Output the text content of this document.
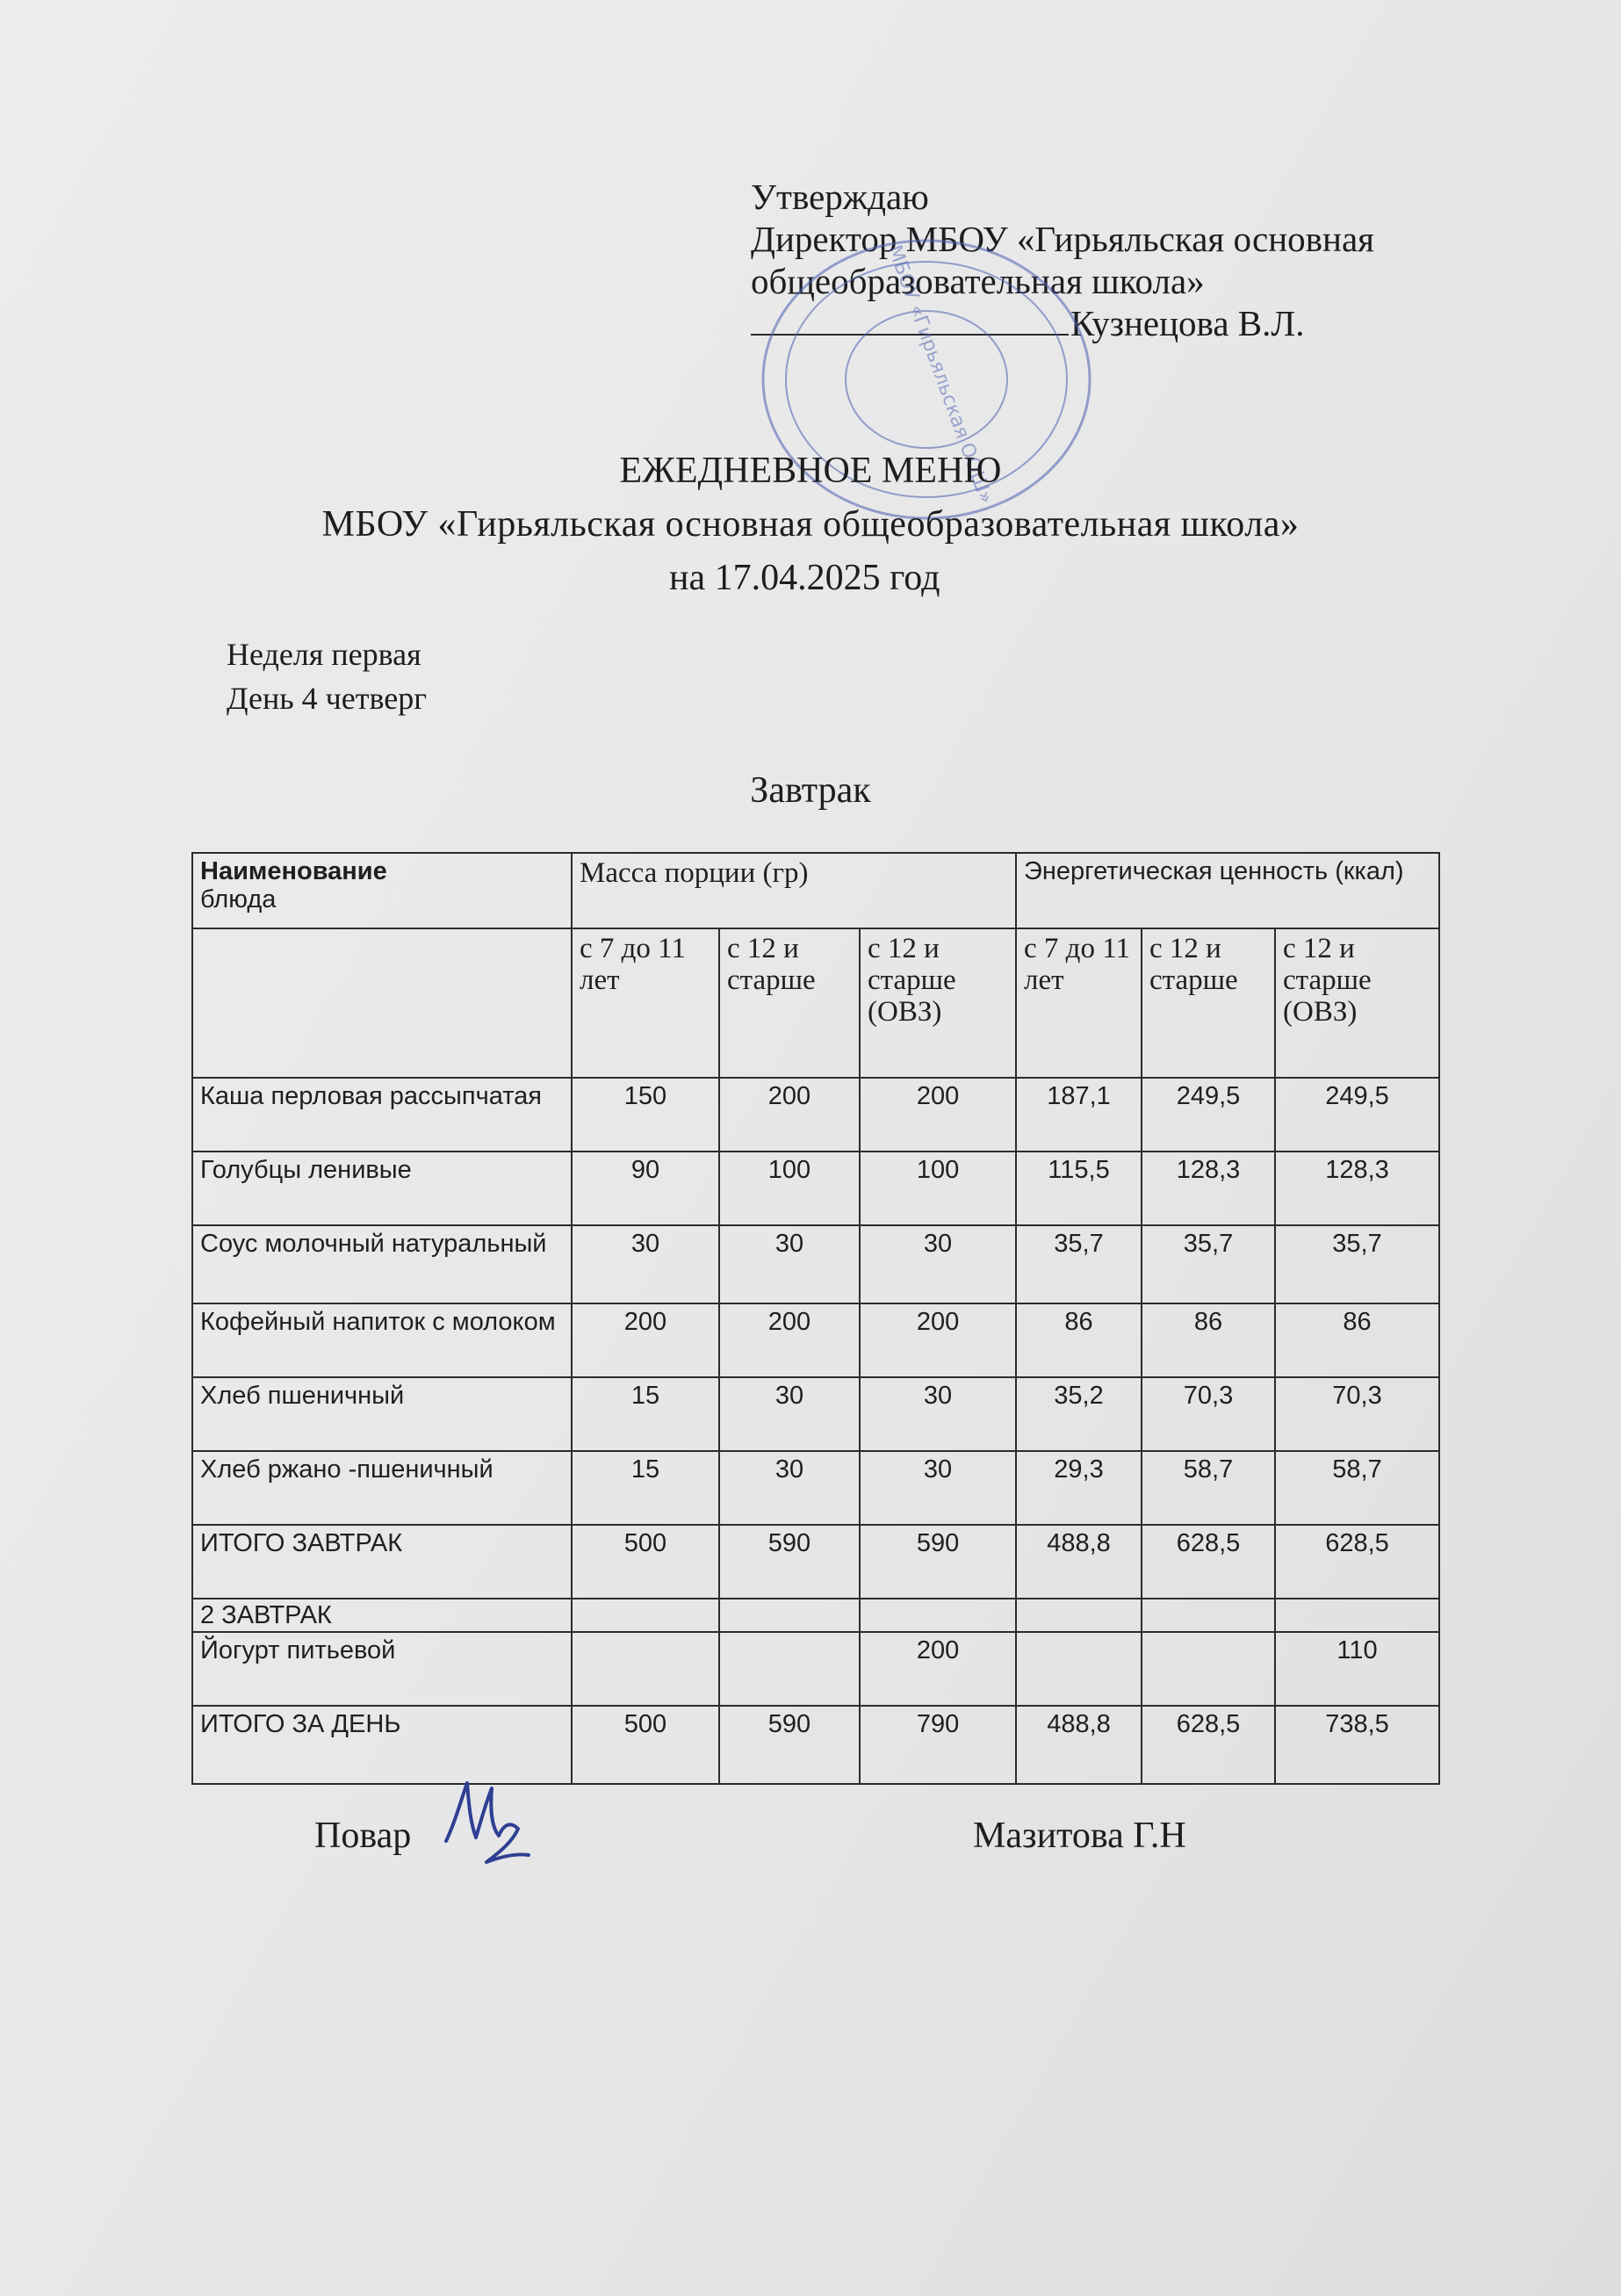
Утверждаю
Директор МБОУ «Гирьяльская основная
общеобразовательная школа»
Кузнецова В.Л.
МБОУ «Гирьяльская ООШ»
ЕЖЕДНЕВНОЕ МЕНЮ
МБОУ «Гирьяльская основная общеобразовательная школа»
на 17.04.2025 год
Неделя первая
День 4 четверг
Завтрак
Наименование
блюда	Масса порции (гр)			Энергетическая ценность (ккал)		
	с 7 до 11 лет	с 12 и старше	с 12 и старше (ОВЗ)	с 7 до 11 лет	с 12 и старше	с 12 и старше (ОВЗ)
Каша перловая рассыпчатая	150	200	200	187,1	249,5	249,5
Голубцы ленивые	90	100	100	115,5	128,3	128,3
Соус молочный натуральный	30	30	30	35,7	35,7	35,7
Кофейный напиток с молоком	200	200	200	86	86	86
Хлеб пшеничный	15	30	30	35,2	70,3	70,3
Хлеб ржано -пшеничный	15	30	30	29,3	58,7	58,7
ИТОГО ЗАВТРАК	500	590	590	488,8	628,5	628,5
2 ЗАВТРАК						
Йогурт питьевой			200			110
ИТОГО ЗА ДЕНЬ	500	590	790	488,8	628,5	738,5
Повар	Мазитова Г.Н
